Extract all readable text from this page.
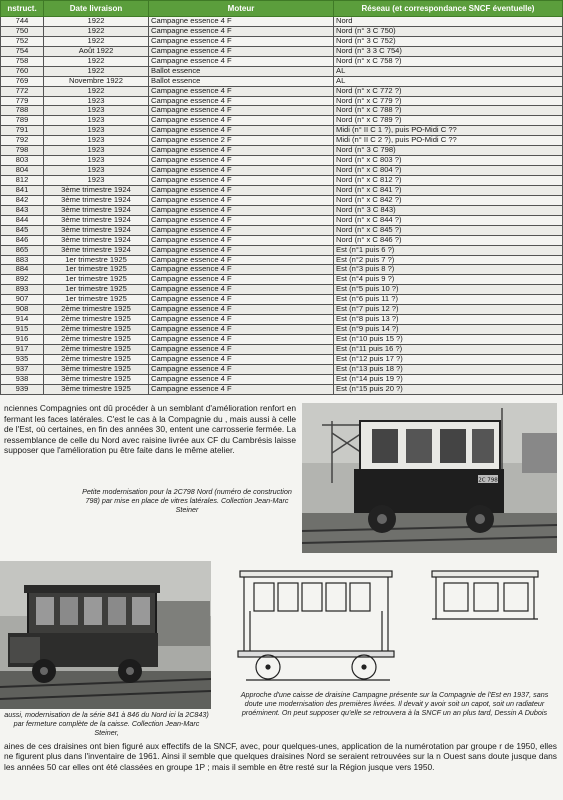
nstruct.	Date livraison	Moteur	Réseau (et correspondance SNCF éventuelle)
744	1922	Campagne essence 4 F	Nord
750	1922	Campagne essence 4 F	Nord (n° 3 C 750)
752	1922	Campagne essence 4 F	Nord (n° 3 C 752)
754	Août 1922	Campagne essence 4 F	Nord (n° 3 3 C 754)
758	1922	Campagne essence 4 F	Nord (n° x C 758 ?)
760	1922	Ballot essence	AL
769	Novembre 1922	Ballot essence	AL
772	1922	Campagne essence 4 F	Nord (n° x C 772 ?)
779	1923	Campagne essence 4 F	Nord (n° x C 779 ?)
788	1923	Campagne essence 4 F	Nord (n° x C 788 ?)
789	1923	Campagne essence 4 F	Nord (n° x C 789 ?)
791	1923	Campagne essence 4 F	Midi (n° II C 1 ?), puis PO-Midi C ??
792	1923	Campagne essence 2 F	Midi (n° II C 2 ?), puis PO-Midi C ??
798	1923	Campagne essence 4 F	Nord (n° 3 C 798)
803	1923	Campagne essence 4 F	Nord (n° x C 803 ?)
804	1923	Campagne essence 4 F	Nord (n° x C 804 ?)
812	1923	Campagne essence 4 F	Nord (n° x C 812 ?)
841	3ème trimestre 1924	Campagne essence 4 F	Nord (n° x C 841 ?)
842	3ème trimestre 1924	Campagne essence 4 F	Nord (n° x C 842 ?)
843	3ème trimestre 1924	Campagne essence 4 F	Nord (n° 3 C 843)
844	3ème trimestre 1924	Campagne essence 4 F	Nord (n° x C 844 ?)
845	3ème trimestre 1924	Campagne essence 4 F	Nord (n° x C 845 ?)
846	3ème trimestre 1924	Campagne essence 4 F	Nord (n° x C 846 ?)
865	3ème trimestre 1924	Campagne essence 4 F	Est (n°1 puis 6 ?)
883	1er trimestre 1925	Campagne essence 4 F	Est (n°2 puis 7 ?)
884	1er trimestre 1925	Campagne essence 4 F	Est (n°3 puis 8 ?)
892	1er trimestre 1925	Campagne essence 4 F	Est (n°4 puis 9 ?)
893	1er trimestre 1925	Campagne essence 4 F	Est (n°5 puis 10 ?)
907	1er trimestre 1925	Campagne essence 4 F	Est (n°6 puis 11 ?)
908	2ème trimestre 1925	Campagne essence 4 F	Est (n°7 puis 12 ?)
914	2ème trimestre 1925	Campagne essence 4 F	Est (n°8 puis 13 ?)
915	2ème trimestre 1925	Campagne essence 4 F	Est (n°9 puis 14 ?)
916	2ème trimestre 1925	Campagne essence 4 F	Est (n°10 puis 15 ?)
917	2ème trimestre 1925	Campagne essence 4 F	Est (n°11 puis 16 ?)
935	2ème trimestre 1925	Campagne essence 4 F	Est (n°12 puis 17 ?)
937	3ème trimestre 1925	Campagne essence 4 F	Est (n°13 puis 18 ?)
938	3ème trimestre 1925	Campagne essence 4 F	Est (n°14 puis 19 ?)
939	3ème trimestre 1925	Campagne essence 4 F	Est (n°15 puis 20 ?)
nciennes Compagnies ont dû procéder à un semblant d'amélioration renfort en fermant les faces latérales. C'est le cas à la Compagnie du , mais aussi à celle de l'Est, où certaines, en fin des années 30, entent une carrosserie fermée. La ressemblance de celle du Nord avec raisine livrée aux CF du Cambrésis laisse supposer que l'amélioration pu être faite dans le même atelier.
2C 798
Petite modernisation pour la 2C798 Nord (numéro de construction 798) par mise en place de vitres latérales. Collection Jean-Marc Steiner
aussi, modernisation de la série 841 à 846 du Nord ici la 2C843) par fermeture complète de la caisse. Collection Jean-Marc Steiner,
Approche d'une caisse de draisine Campagne présente sur la Compagnie de l'Est en 1937, sans doute une modernisation des premières livrées. Il devait y avoir soit un capot, soit un radiateur proéminent. On peut supposer qu'elle se retrouvera à la SNCF un an plus tard, Dessin A Dubois
aines de ces draisines ont bien figuré aux effectifs de la SNCF, avec, pour quelques-unes, application de la numérotation par groupe r de 1950, elles ne figurent plus dans l'inventaire de 1961. Ainsi il semble que quelques draisines Nord se seraient retrouvées sur la n Ouest sans doute jusque dans les années 50 car elles ont été classées en groupe 1P ; mais il semble en être resté sur la Région jusque vers 1950.
